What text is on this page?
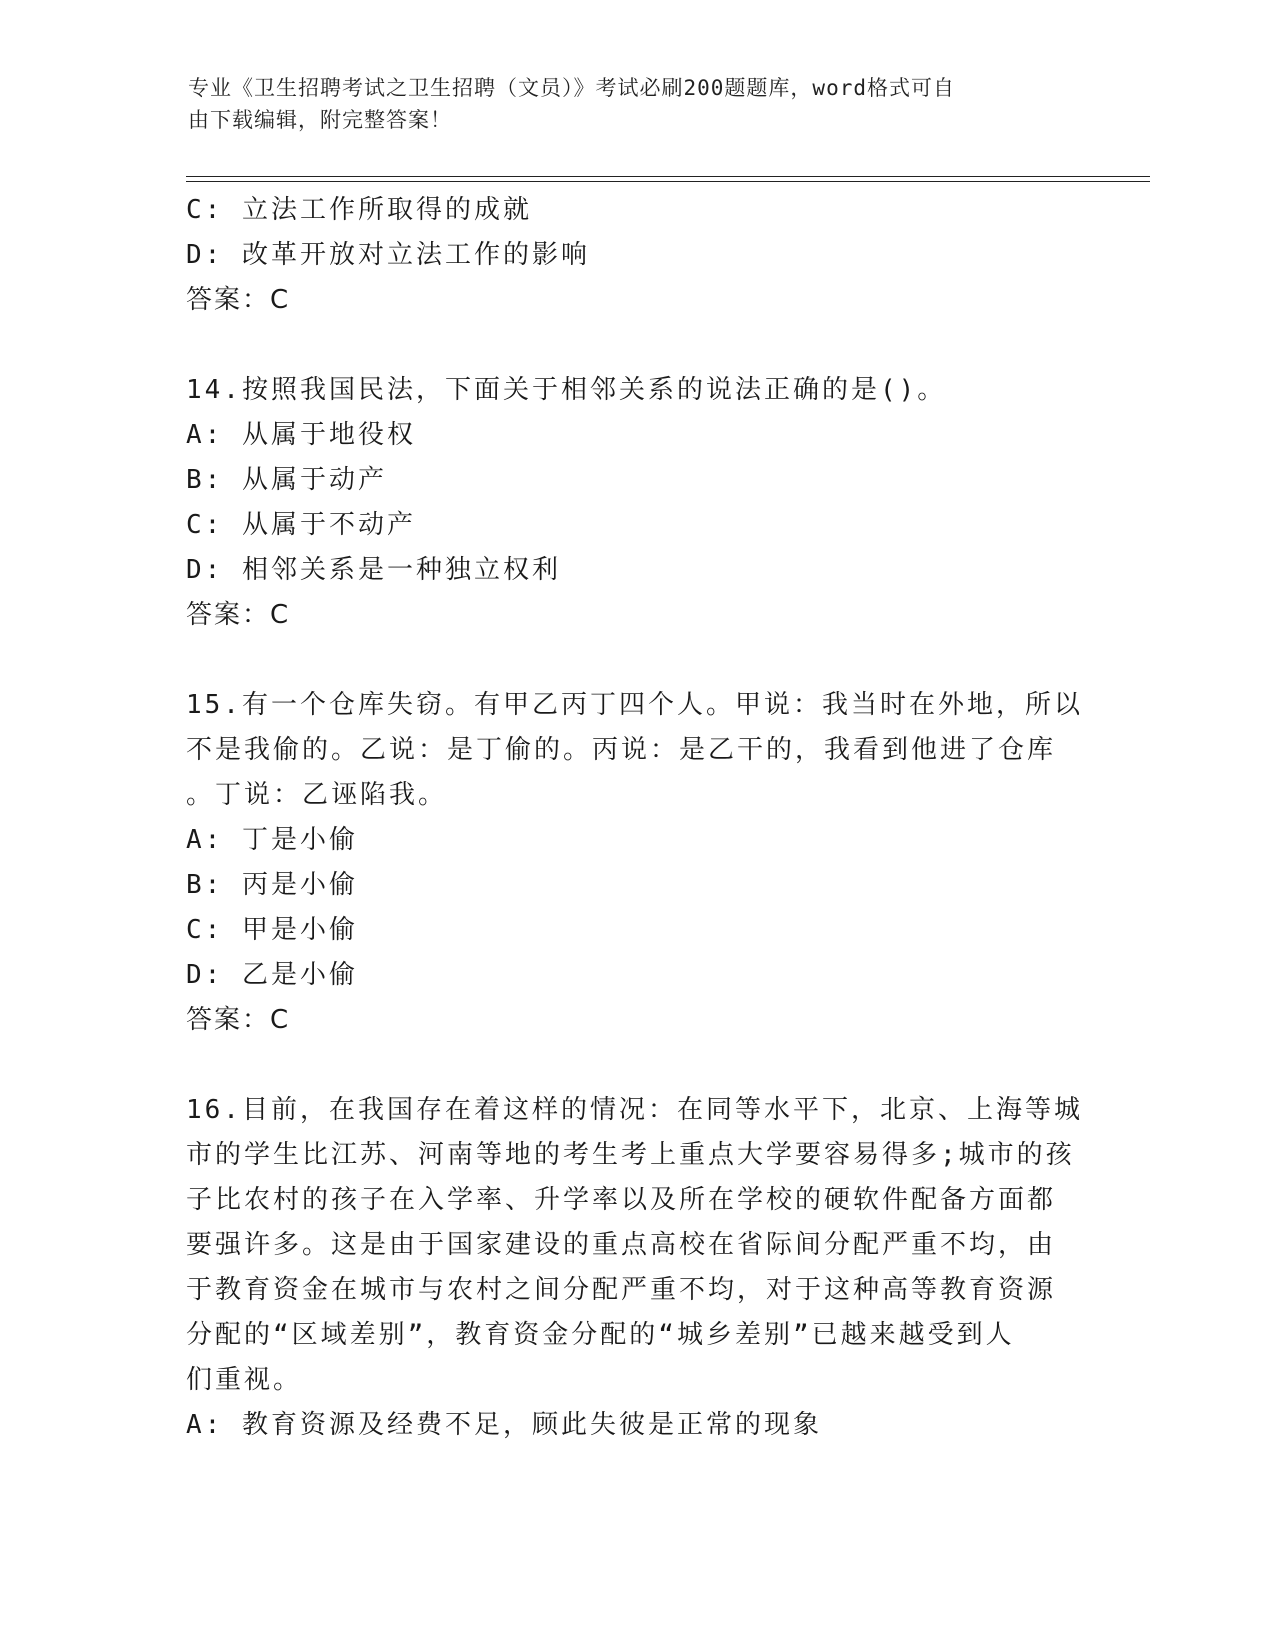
专业《卫生招聘考试之卫生招聘（文员）》考试必刷200题题库，word格式可自
由下载编辑，附完整答案！
C: 立法工作所取得的成就
D: 改革开放对立法工作的影响
答案：C
14.按照我国民法，下面关于相邻关系的说法正确的是()。
A: 从属于地役权
B: 从属于动产
C: 从属于不动产
D: 相邻关系是一种独立权利
答案：C
15.有一个仓库失窃。有甲乙丙丁四个人。甲说：我当时在外地，所以
不是我偷的。乙说：是丁偷的。丙说：是乙干的，我看到他进了仓库
。丁说：乙诬陷我。
A: 丁是小偷
B: 丙是小偷
C: 甲是小偷
D: 乙是小偷
答案：C
16.目前，在我国存在着这样的情况：在同等水平下，北京、上海等城
市的学生比江苏、河南等地的考生考上重点大学要容易得多;城市的孩
子比农村的孩子在入学率、升学率以及所在学校的硬软件配备方面都
要强许多。这是由于国家建设的重点高校在省际间分配严重不均，由
于教育资金在城市与农村之间分配严重不均，对于这种高等教育资源
分配的“区域差别”，教育资金分配的“城乡差别”已越来越受到人
们重视。
A: 教育资源及经费不足，顾此失彼是正常的现象
